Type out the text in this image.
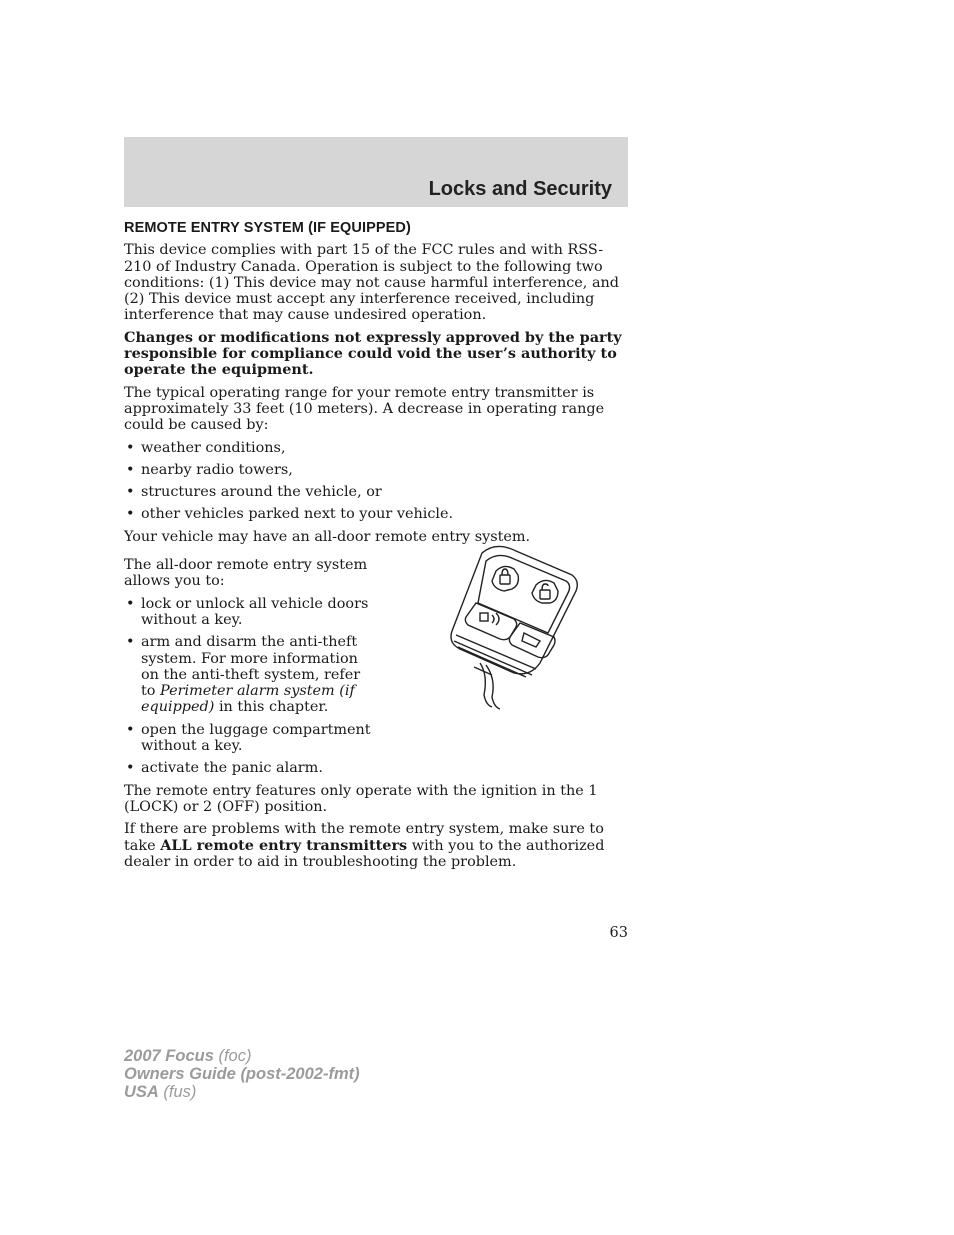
Locks and Security
REMOTE ENTRY SYSTEM (IF EQUIPPED)

This device complies with part 15 of the FCC rules and with RSS-210 of Industry Canada. Operation is subject to the following two conditions: (1) This device may not cause harmful interference, and (2) This device must accept any interference received, including interference that may cause undesired operation.

Changes or modifications not expressly approved by the party responsible for compliance could void the user’s authority to operate the equipment.

The typical operating range for your remote entry transmitter is approximately 33 feet (10 meters). A decrease in operating range could be caused by:

• weather conditions,
• nearby radio towers,
• structures around the vehicle, or
• other vehicles parked next to your vehicle.

Your vehicle may have an all-door remote entry system.

The all-door remote entry system allows you to:

• lock or unlock all vehicle doors without a key.
• arm and disarm the anti-theft system. For more information on the anti-theft system, refer to Perimeter alarm system (if equipped) in this chapter.
• open the luggage compartment without a key.
• activate the panic alarm.

The remote entry features only operate with the ignition in the 1 (LOCK) or 2 (OFF) position.

If there are problems with the remote entry system, make sure to take ALL remote entry transmitters with you to the authorized dealer in order to aid in troubleshooting the problem.

63
2007 Focus (foc)
Owners Guide (post-2002-fmt)
USA (fus)
